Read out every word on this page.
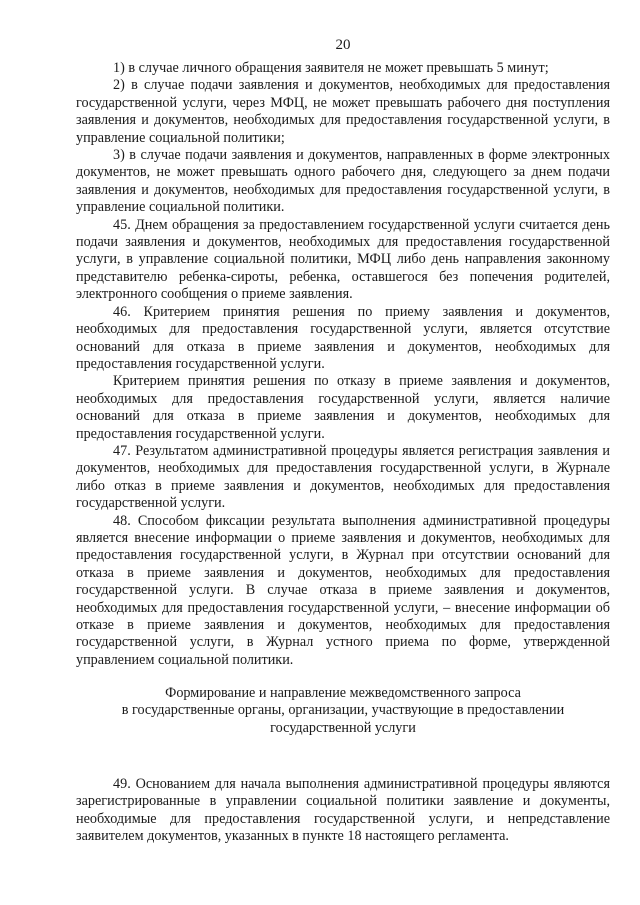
20

1) в случае личного обращения заявителя не может превышать 5 минут;

2) в случае подачи заявления и документов, необходимых для предоставления государственной услуги, через МФЦ, не может превышать рабочего дня поступления заявления и документов, необходимых для предоставления государственной услуги, в управление социальной политики;

3) в случае подачи заявления и документов, направленных в форме электронных документов, не может превышать одного рабочего дня, следующего за днем подачи заявления и документов, необходимых для предоставления государственной услуги, в управление социальной политики.

45. Днем обращения за предоставлением государственной услуги считается день подачи заявления и документов, необходимых для предоставления государственной услуги, в управление социальной политики, МФЦ либо день направления законному представителю ребенка-сироты, ребенка, оставшегося без попечения родителей, электронного сообщения о приеме заявления.

46. Критерием принятия решения по приему заявления и документов, необходимых для предоставления государственной услуги, является отсутствие оснований для отказа в приеме заявления и документов, необходимых для предоставления государственной услуги.

Критерием принятия решения по отказу в приеме заявления и документов, необходимых для предоставления государственной услуги, является наличие оснований для отказа в приеме заявления и документов, необходимых для предоставления государственной услуги.

47. Результатом административной процедуры является регистрация заявления и документов, необходимых для предоставления государственной услуги, в Журнале либо отказ в приеме заявления и документов, необходимых для предоставления государственной услуги.

48. Способом фиксации результата выполнения административной процедуры является внесение информации о приеме заявления и документов, необходимых для предоставления государственной услуги, в Журнал при отсутствии оснований для отказа в приеме заявления и документов, необходимых для предоставления государственной услуги. В случае отказа в приеме заявления и документов, необходимых для предоставления государственной услуги, – внесение информации об отказе в приеме заявления и документов, необходимых для предоставления государственной услуги, в Журнал устного приема по форме, утвержденной управлением социальной политики.

Формирование и направление межведомственного запроса

в государственные органы, организации, участвующие в предоставлении

государственной услуги

49. Основанием для начала выполнения административной процедуры являются зарегистрированные в управлении социальной политики заявление и документы, необходимые для предоставления государственной услуги, и непредставление заявителем документов, указанных в пункте 18 настоящего регламента.
